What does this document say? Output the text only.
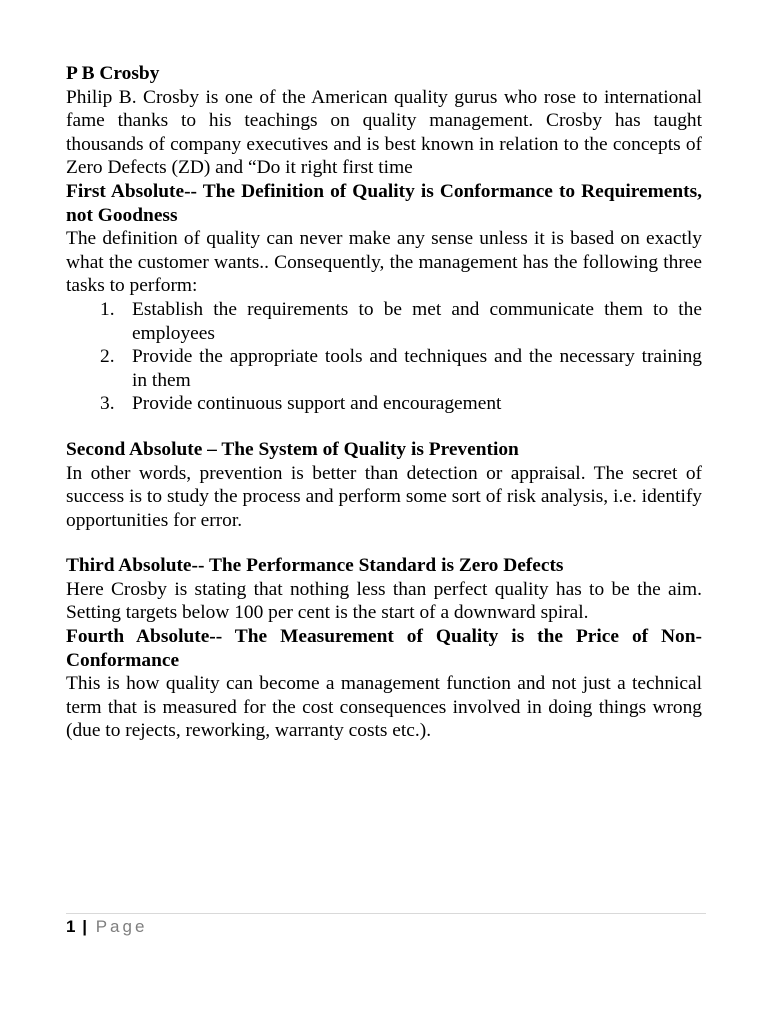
P B Crosby

Philip B. Crosby is one of the American quality gurus who rose to international fame thanks to his teachings on quality management. Crosby has taught thousands of company executives and is best known in relation to the concepts of Zero Defects (ZD) and “Do it right first time

First Absolute-- The Definition of Quality is Conformance to Requirements, not Goodness

The definition of quality can never make any sense unless it is based on exactly what the customer wants.. Consequently, the management has the following three tasks to perform:

1. Establish the requirements to be met and communicate them to the employees
2. Provide the appropriate tools and techniques and the necessary training in them
3. Provide continuous support and encouragement
Second Absolute – The System of Quality is Prevention

In other words, prevention is better than detection or appraisal. The secret of success is to study the process and perform some sort of risk analysis, i.e. identify opportunities for error.

Third Absolute-- The Performance Standard is Zero Defects

Here Crosby is stating that nothing less than perfect quality has to be the aim. Setting targets below 100 per cent is the start of a downward spiral.

Fourth Absolute-- The Measurement of Quality is the Price of Non-Conformance

This is how quality can become a management function and not just a technical term that is measured for the cost consequences involved in doing things wrong (due to rejects, reworking, warranty costs etc.).

1 | Page
